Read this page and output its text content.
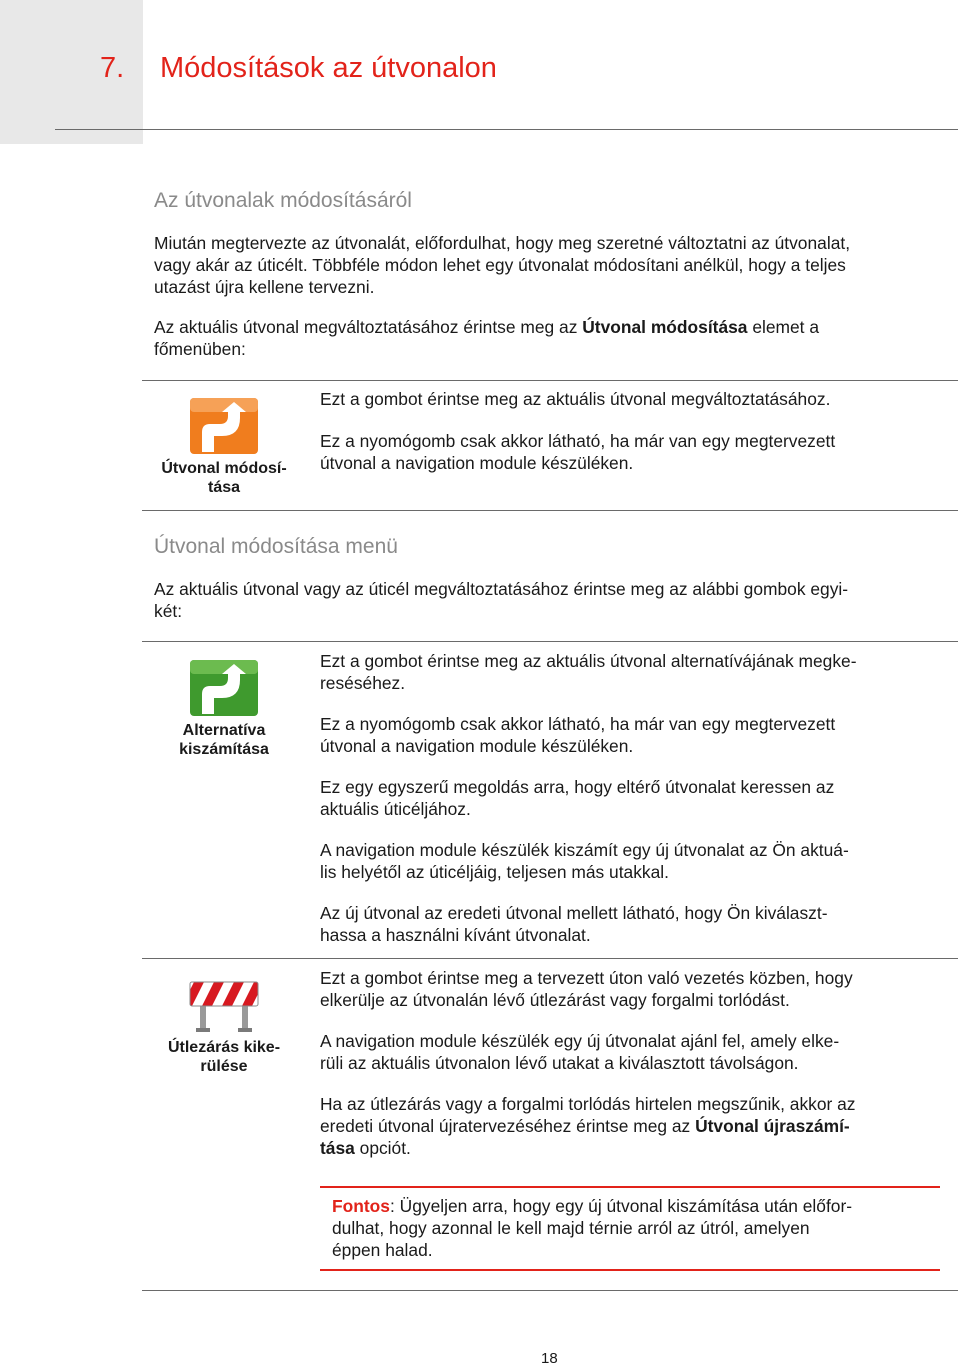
7. Módosítások az útvonalon
Az útvonalak módosításáról
Miután megtervezte az útvonalát, előfordulhat, hogy meg szeretné változtatni az útvonalat,
vagy akár az úticélt. Többféle módon lehet egy útvonalat módosítani anélkül, hogy a teljes
utazást újra kellene tervezni.
Az aktuális útvonal megváltoztatásához érintse meg az Útvonal módosítása elemet a
főmenüben:
Útvonal módosí-
tása
Ezt a gombot érintse meg az aktuális útvonal megváltoztatásához.
Ez a nyomógomb csak akkor látható, ha már van egy megtervezett
útvonal a navigation module készüléken.
Útvonal módosítása menü
Az aktuális útvonal vagy az úticél megváltoztatásához érintse meg az alábbi gombok egyi-
két:
Alternatíva
kiszámítása
Ezt a gombot érintse meg az aktuális útvonal alternatívájának megke-
reséséhez.
Ez a nyomógomb csak akkor látható, ha már van egy megtervezett
útvonal a navigation module készüléken.
Ez egy egyszerű megoldás arra, hogy eltérő útvonalat keressen az
aktuális úticéljához.
A navigation module készülék kiszámít egy új útvonalat az Ön aktuá-
lis helyétől az úticéljáig, teljesen más utakkal.
Az új útvonal az eredeti útvonal mellett látható, hogy Ön kiválaszt-
hassa a használni kívánt útvonalat.
Útlezárás kike-
rülése
Ezt a gombot érintse meg a tervezett úton való vezetés közben, hogy
elkerülje az útvonalán lévő útlezárást vagy forgalmi torlódást.
A navigation module készülék egy új útvonalat ajánl fel, amely elke-
rüli az aktuális útvonalon lévő utakat a kiválasztott távolságon.
Ha az útlezárás vagy a forgalmi torlódás hirtelen megszűnik, akkor az
eredeti útvonal újratervezéséhez érintse meg az Útvonal újraszámí-
tása opciót.
Fontos: Ügyeljen arra, hogy egy új útvonal kiszámítása után előfor-
dulhat, hogy azonnal le kell majd térnie arról az útról, amelyen
éppen halad.
18
